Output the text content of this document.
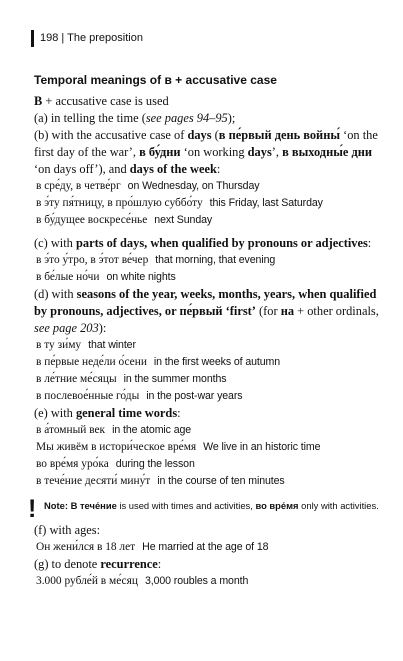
198 | The preposition
Temporal meanings of в + accusative case
В + accusative case is used
(a) in telling the time (see pages 94–95);
(b) with the accusative case of days (в пе́рвый день войны́ ‘on the first day of the war’, в бу́дни ‘on working days’, в выходны́е дни ‘on days off’), and days of the week:
в сре́ду, в четве́рг on Wednesday, on Thursday
в э́ту пя́тницу, в про́шлую суббо́ту this Friday, last Saturday
в бу́дущее воскресе́нье next Sunday
(c) with parts of days, when qualified by pronouns or adjectives:
в э́то у́тро, в э́тот ве́чер that morning, that evening
в бе́лые но́чи on white nights
(d) with seasons of the year, weeks, months, years, when qualified by pronouns, adjectives, or пе́рвый ‘first’ (for на + other ordinals, see page 203):
в ту зи́му that winter
в пе́рвые неде́ли о́сени in the first weeks of autumn
в ле́тние ме́сяцы in the summer months
в послевое́нные го́ды in the post-war years
(e) with general time words:
в а́томный век in the atomic age
Мы живём в истори́ческое вре́мя We live in an historic time
во вре́мя уро́ка during the lesson
в тече́ние десяти́ мину́т in the course of ten minutes
! Note: В тече́ние is used with times and activities, во вре́мя only with activities.
(f) with ages:
Он жени́лся в 18 лет He married at the age of 18
(g) to denote recurrence:
3.000 рубле́й в ме́сяц 3,000 roubles a month
